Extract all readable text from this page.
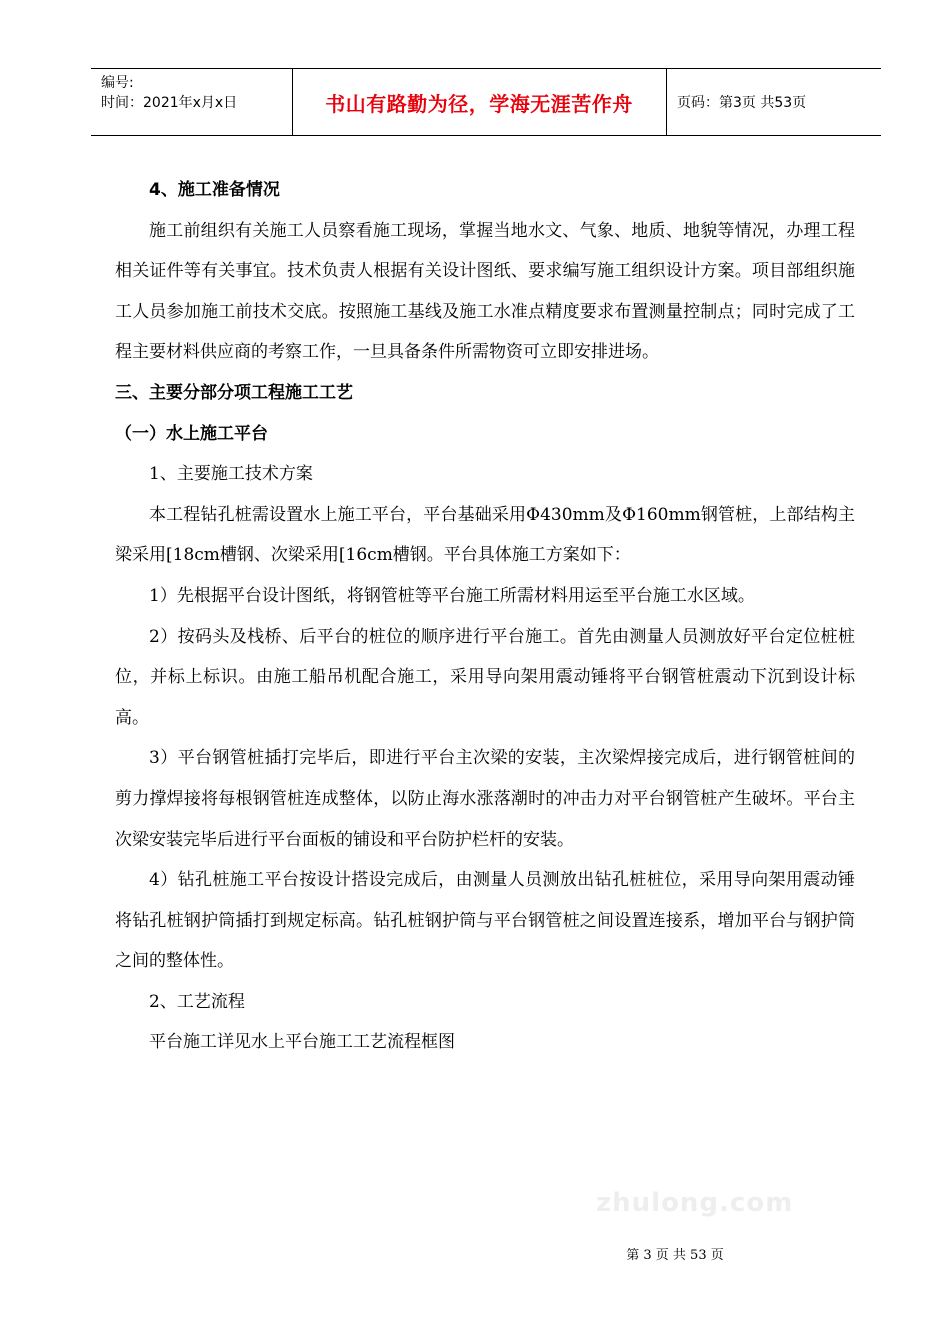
编号:
时间：2021年x月x日	书山有路勤为径，学海无涯苦作舟	页码：第3页 共53页

4、施工准备情况

施工前组织有关施工人员察看施工现场，掌握当地水文、气象、地质、地貌等情况，办理工程相关证件等有关事宜。技术负责人根据有关设计图纸、要求编写施工组织设计方案。项目部组织施工人员参加施工前技术交底。按照施工基线及施工水准点精度要求布置测量控制点；同时完成了工程主要材料供应商的考察工作，一旦具备条件所需物资可立即安排进场。

三、主要分部分项工程施工工艺

（一）水上施工平台

1、主要施工技术方案

本工程钻孔桩需设置水上施工平台，平台基础采用Φ430mm及Φ160mm钢管桩，上部结构主梁采用[18cm槽钢、次梁采用[16cm槽钢。平台具体施工方案如下：

1）先根据平台设计图纸，将钢管桩等平台施工所需材料用运至平台施工水区域。

2）按码头及栈桥、后平台的桩位的顺序进行平台施工。首先由测量人员测放好平台定位桩桩位，并标上标识。由施工船吊机配合施工，采用导向架用震动锤将平台钢管桩震动下沉到设计标高。

3）平台钢管桩插打完毕后，即进行平台主次梁的安装，主次梁焊接完成后，进行钢管桩间的剪力撑焊接将每根钢管桩连成整体，以防止海水涨落潮时的冲击力对平台钢管桩产生破坏。平台主次梁安装完毕后进行平台面板的铺设和平台防护栏杆的安装。

4）钻孔桩施工平台按设计搭设完成后，由测量人员测放出钻孔桩桩位，采用导向架用震动锤将钻孔桩钢护筒插打到规定标高。钻孔桩钢护筒与平台钢管桩之间设置连接系，增加平台与钢护筒之间的整体性。

2、工艺流程

平台施工详见水上平台施工工艺流程框图

zhulong.com
第 3 页 共 53 页
